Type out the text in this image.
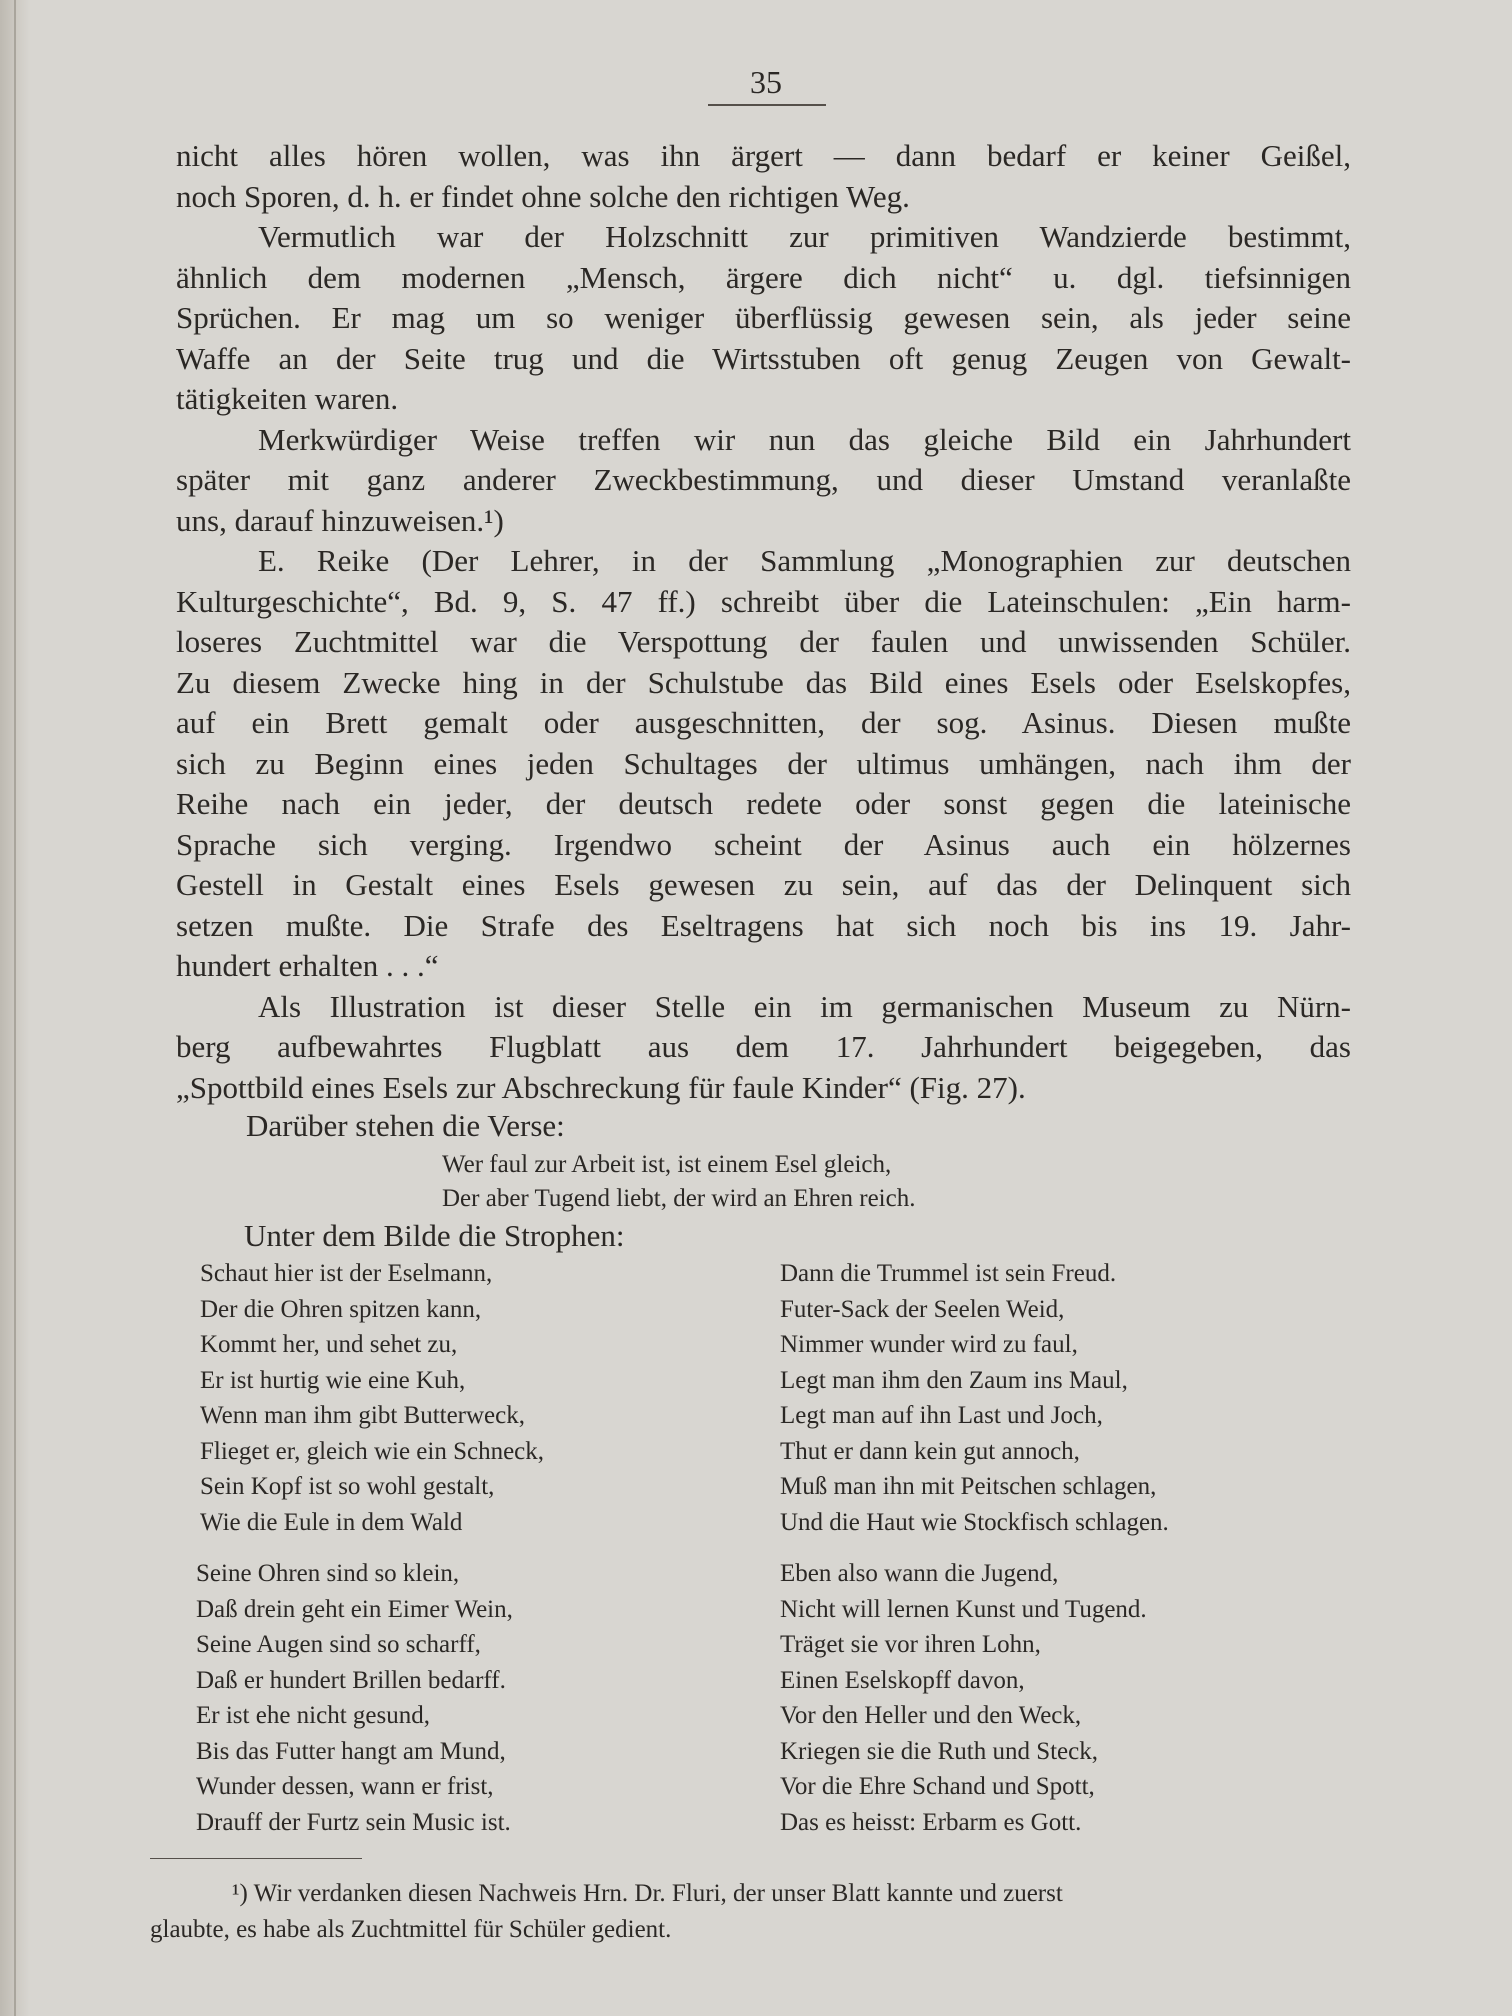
35

nicht alles hören wollen, was ihn ärgert — dann bedarf er keiner Geißel,

noch Sporen, d. h. er findet ohne solche den richtigen Weg.

Vermutlich war der Holzschnitt zur primitiven Wandzierde bestimmt,

ähnlich dem modernen „Mensch, ärgere dich nicht“ u. dgl. tiefsinnigen

Sprüchen. Er mag um so weniger überflüssig gewesen sein, als jeder seine

Waffe an der Seite trug und die Wirtsstuben oft genug Zeugen von Gewalt-

tätigkeiten waren.

Merkwürdiger Weise treffen wir nun das gleiche Bild ein Jahrhundert

später mit ganz anderer Zweckbestimmung, und dieser Umstand veranlaßte

uns, darauf hinzuweisen.¹)

E. Reike (Der Lehrer, in der Sammlung „Monographien zur deutschen

Kulturgeschichte“, Bd. 9, S. 47 ff.) schreibt über die Lateinschulen: „Ein harm-

loseres Zuchtmittel war die Verspottung der faulen und unwissenden Schüler.

Zu diesem Zwecke hing in der Schulstube das Bild eines Esels oder Eselskopfes,

auf ein Brett gemalt oder ausgeschnitten, der sog. Asinus. Diesen mußte

sich zu Beginn eines jeden Schultages der ultimus umhängen, nach ihm der

Reihe nach ein jeder, der deutsch redete oder sonst gegen die lateinische

Sprache sich verging. Irgendwo scheint der Asinus auch ein hölzernes

Gestell in Gestalt eines Esels gewesen zu sein, auf das der Delinquent sich

setzen mußte. Die Strafe des Eseltragens hat sich noch bis ins 19. Jahr-

hundert erhalten . . .“

Als Illustration ist dieser Stelle ein im germanischen Museum zu Nürn-

berg aufbewahrtes Flugblatt aus dem 17. Jahrhundert beigegeben, das

„Spottbild eines Esels zur Abschreckung für faule Kinder“ (Fig. 27).

Darüber stehen die Verse:

Wer faul zur Arbeit ist, ist einem Esel gleich,

Der aber Tugend liebt, der wird an Ehren reich.

Unter dem Bilde die Strophen:

Schaut hier ist der Eselmann,

Der die Ohren spitzen kann,

Kommt her, und sehet zu,

Er ist hurtig wie eine Kuh,

Wenn man ihm gibt Butterweck,

Flieget er, gleich wie ein Schneck,

Sein Kopf ist so wohl gestalt,

Wie die Eule in dem Wald

Dann die Trummel ist sein Freud.

Futer-Sack der Seelen Weid,

Nimmer wunder wird zu faul,

Legt man ihm den Zaum ins Maul,

Legt man auf ihn Last und Joch,

Thut er dann kein gut annoch,

Muß man ihn mit Peitschen schlagen,

Und die Haut wie Stockfisch schlagen.

Seine Ohren sind so klein,

Daß drein geht ein Eimer Wein,

Seine Augen sind so scharff,

Daß er hundert Brillen bedarff.

Er ist ehe nicht gesund,

Bis das Futter hangt am Mund,

Wunder dessen, wann er frist,

Drauff der Furtz sein Music ist.

Eben also wann die Jugend,

Nicht will lernen Kunst und Tugend.

Träget sie vor ihren Lohn,

Einen Eselskopff davon,

Vor den Heller und den Weck,

Kriegen sie die Ruth und Steck,

Vor die Ehre Schand und Spott,

Das es heisst: Erbarm es Gott.

¹) Wir verdanken diesen Nachweis Hrn. Dr. Fluri, der unser Blatt kannte und zuerst

glaubte, es habe als Zuchtmittel für Schüler gedient.
